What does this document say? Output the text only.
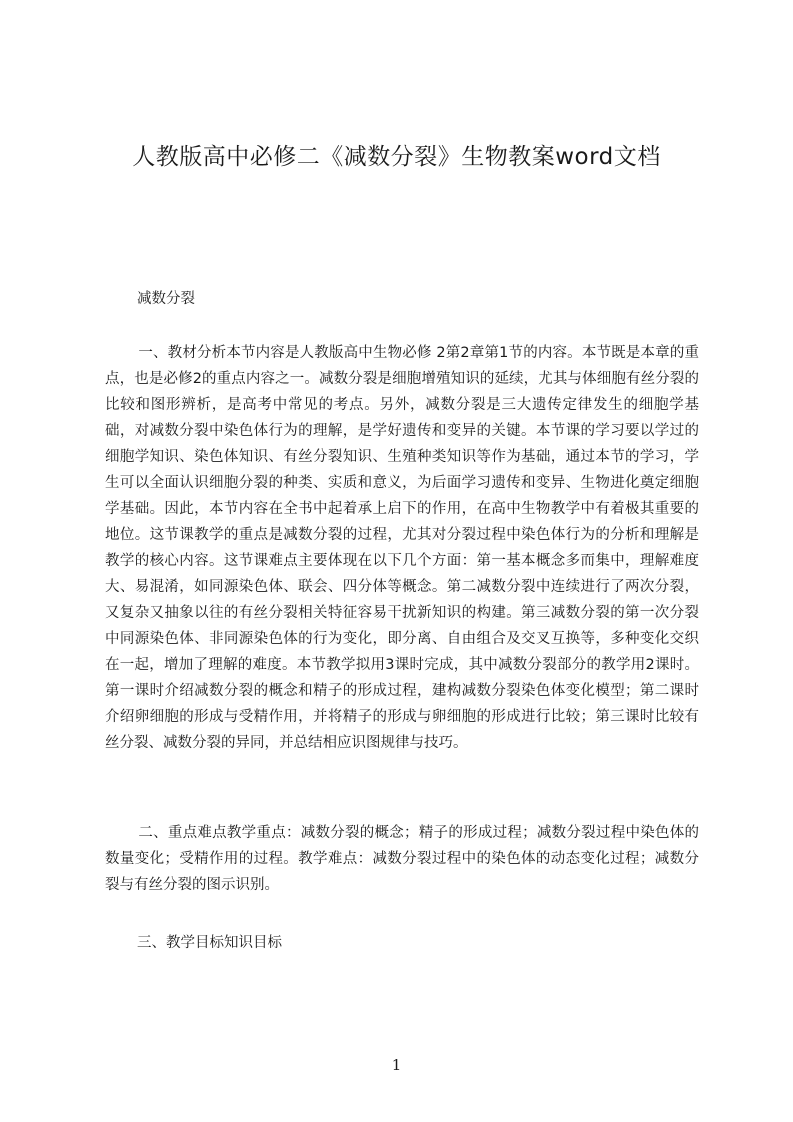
人教版高中必修二《减数分裂》生物教案word文档

减数分裂

一、教材分析本节内容是人教版高中生物必修 2第2章第1节的内容。本节既是本章的重点，也是必修2的重点内容之一。减数分裂是细胞增殖知识的延续，尤其与体细胞有丝分裂的比较和图形辨析，是高考中常见的考点。另外，减数分裂是三大遗传定律发生的细胞学基础，对减数分裂中染色体行为的理解，是学好遗传和变异的关键。本节课的学习要以学过的细胞学知识、染色体知识、有丝分裂知识、生殖种类知识等作为基础，通过本节的学习，学生可以全面认识细胞分裂的种类、实质和意义，为后面学习遗传和变异、生物进化奠定细胞学基础。因此，本节内容在全书中起着承上启下的作用，在高中生物教学中有着极其重要的地位。这节课教学的重点是减数分裂的过程，尤其对分裂过程中染色体行为的分析和理解是教学的核心内容。这节课难点主要体现在以下几个方面：第一基本概念多而集中，理解难度大、易混淆，如同源染色体、联会、四分体等概念。第二减数分裂中连续进行了两次分裂，又复杂又抽象以往的有丝分裂相关特征容易干扰新知识的构建。第三减数分裂的第一次分裂中同源染色体、非同源染色体的行为变化，即分离、自由组合及交叉互换等，多种变化交织在一起，增加了理解的难度。本节教学拟用3课时完成，其中减数分裂部分的教学用2课时。第一课时介绍减数分裂的概念和精子的形成过程，建构减数分裂染色体变化模型；第二课时介绍卵细胞的形成与受精作用，并将精子的形成与卵细胞的形成进行比较；第三课时比较有丝分裂、减数分裂的异同，并总结相应识图规律与技巧。

二、重点难点教学重点：减数分裂的概念；精子的形成过程；减数分裂过程中染色体的数量变化；受精作用的过程。教学难点：减数分裂过程中的染色体的动态变化过程；减数分裂与有丝分裂的图示识别。

三、教学目标知识目标

1
